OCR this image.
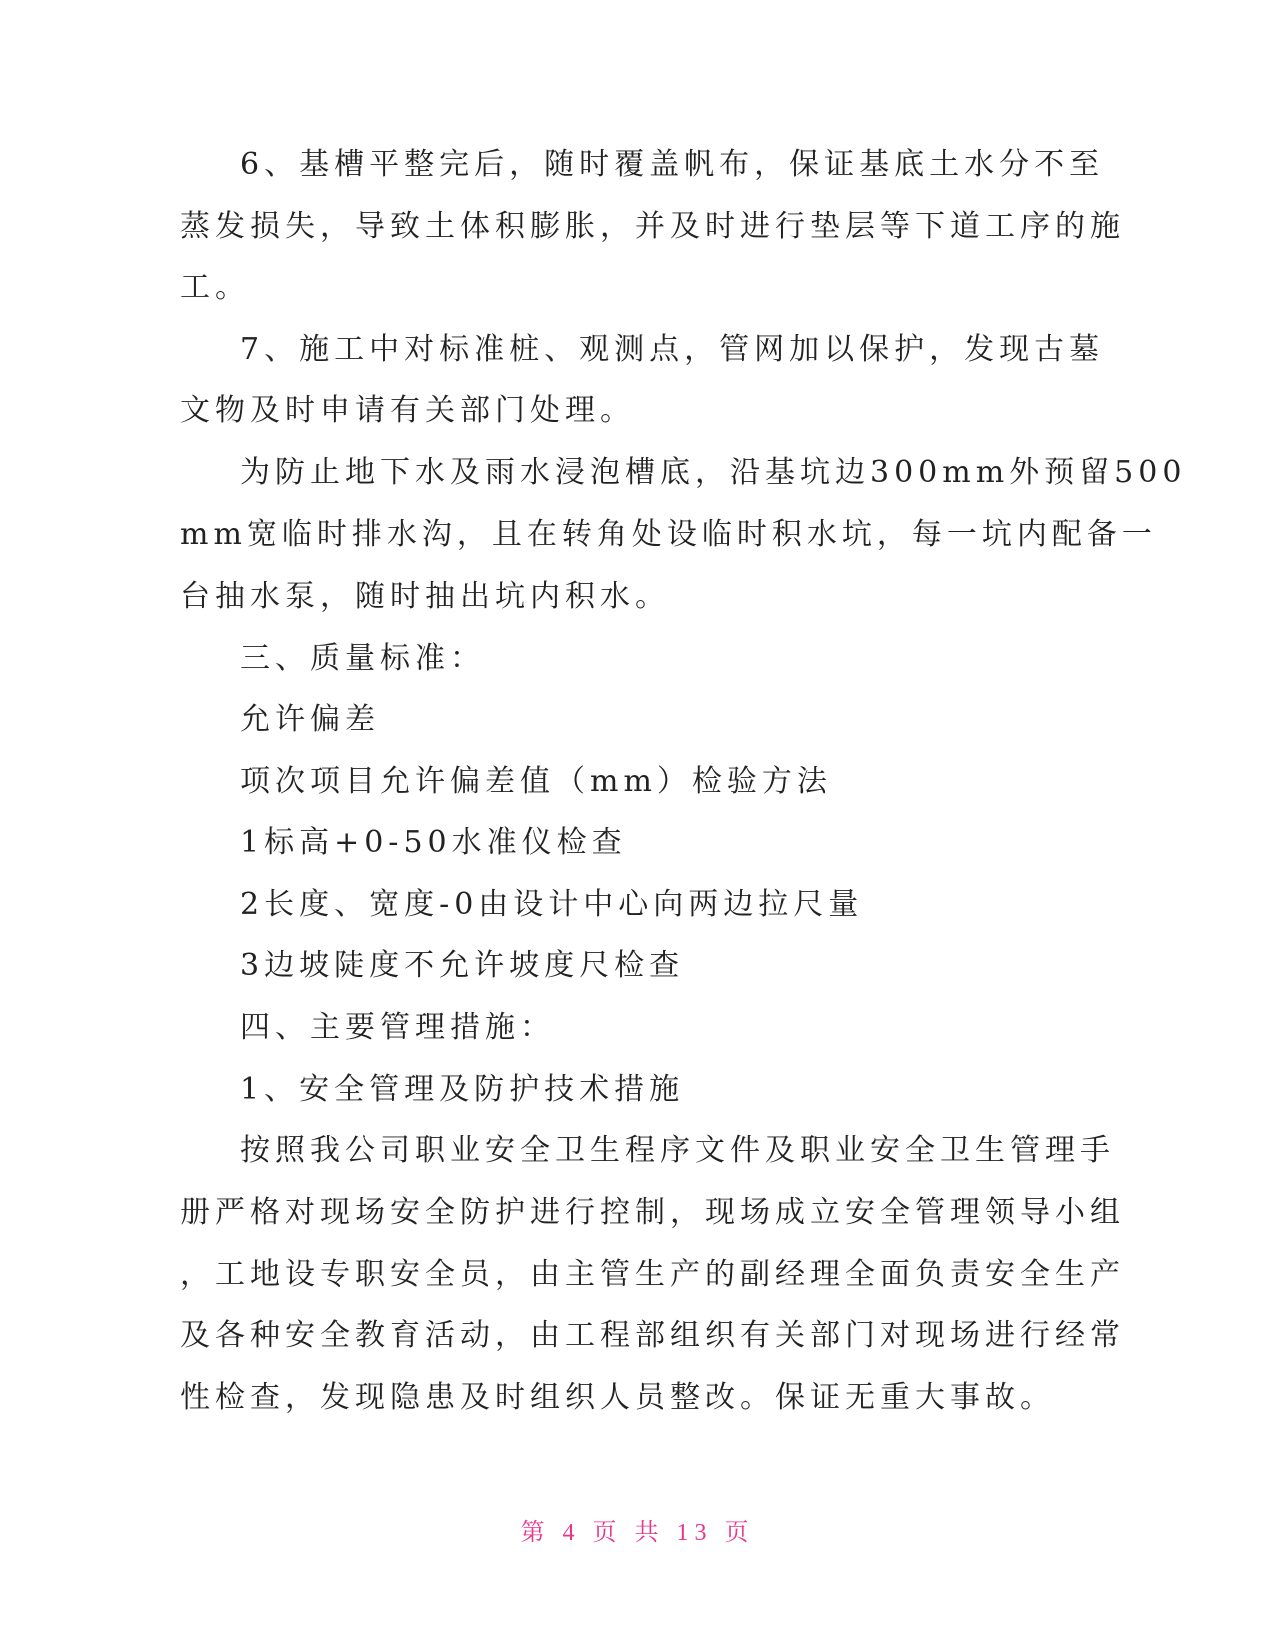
6、基槽平整完后，随时覆盖帆布，保证基底土水分不至
蒸发损失，导致土体积膨胀，并及时进行垫层等下道工序的施
工。
7、施工中对标准桩、观测点，管网加以保护，发现古墓
文物及时申请有关部门处理。
为防止地下水及雨水浸泡槽底，沿基坑边300mm外预留500
mm宽临时排水沟，且在转角处设临时积水坑，每一坑内配备一
台抽水泵，随时抽出坑内积水。
三、质量标准：
允许偏差
项次项目允许偏差值（mm）检验方法
1标高+0-50水准仪检查
2长度、宽度-0由设计中心向两边拉尺量
3边坡陡度不允许坡度尺检查
四、主要管理措施：
1、安全管理及防护技术措施
按照我公司职业安全卫生程序文件及职业安全卫生管理手
册严格对现场安全防护进行控制，现场成立安全管理领导小组
，工地设专职安全员，由主管生产的副经理全面负责安全生产
及各种安全教育活动，由工程部组织有关部门对现场进行经常
性检查，发现隐患及时组织人员整改。保证无重大事故。
第 4 页 共 13 页
